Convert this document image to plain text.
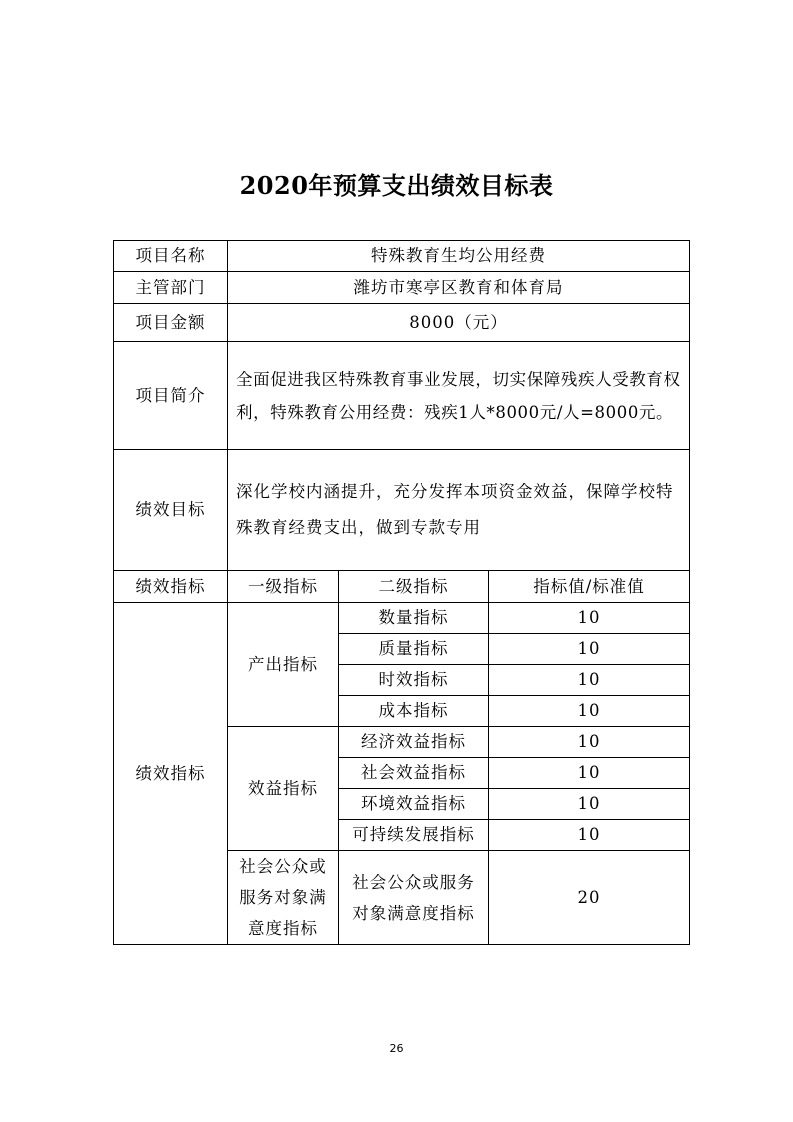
2020年预算支出绩效目标表
项目名称	特殊教育生均公用经费		
主管部门	潍坊市寒亭区教育和体育局		
项目金额	8000（元）		
项目简介	全面促进我区特殊教育事业发展，切实保障残疾人受教育权利，特殊教育公用经费：残疾1人*8000元/人=8000元。		
绩效目标	深化学校内涵提升，充分发挥本项资金效益，保障学校特殊教育经费支出，做到专款专用		
绩效指标	一级指标	二级指标	指标值/标准值
绩效指标	产出指标	数量指标	10
		质量指标	10
		时效指标	10
		成本指标	10
	效益指标	经济效益指标	10
		社会效益指标	10
		环境效益指标	10
		可持续发展指标	10
	社会公众或服务对象满意度指标	社会公众或服务对象满意度指标	20
26
